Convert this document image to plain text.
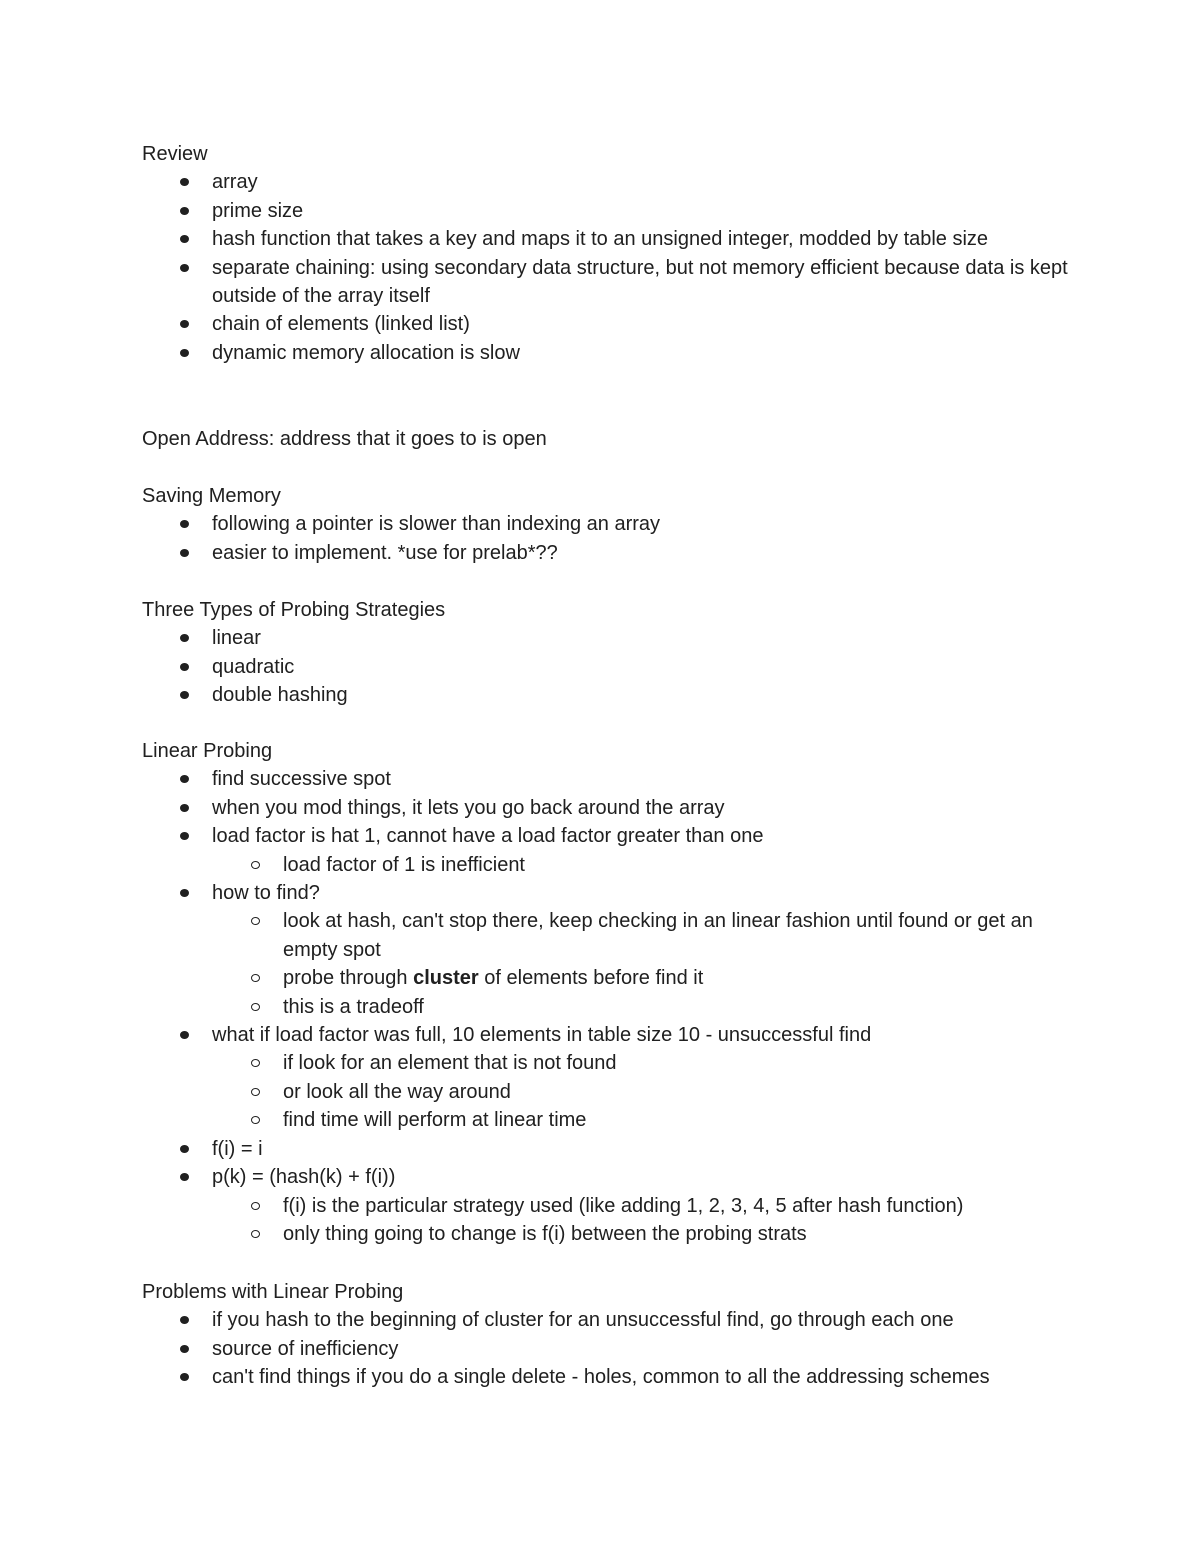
Review

array
prime size
hash function that takes a key and maps it to an unsigned integer, modded by table size
separate chaining: using secondary data structure, but not memory efficient because data is kept outside of the array itself
chain of elements (linked list)
dynamic memory allocation is slow

Open Address: address that it goes to is open

Saving Memory

following a pointer is slower than indexing an array
easier to implement. *use for prelab*??

Three Types of Probing Strategies

linear
quadratic
double hashing

Linear Probing

find successive spot
when you mod things, it lets you go back around the array
load factor is hat 1, cannot have a load factor greater than one
load factor of 1 is inefficient
how to find?
look at hash, can't stop there, keep checking in an linear fashion until found or get an empty spot
probe through cluster of elements before find it
this is a tradeoff
what if load factor was full, 10 elements in table size 10 - unsuccessful find
if look for an element that is not found
or look all the way around
find time will perform at linear time
f(i) = i
p(k) = (hash(k) + f(i))
f(i) is the particular strategy used (like adding 1, 2, 3, 4, 5 after hash function)
only thing going to change is f(i) between the probing strats

Problems with Linear Probing

if you hash to the beginning of cluster for an unsuccessful find, go through each one
source of inefficiency
can't find things if you do a single delete - holes, common to all the addressing schemes
